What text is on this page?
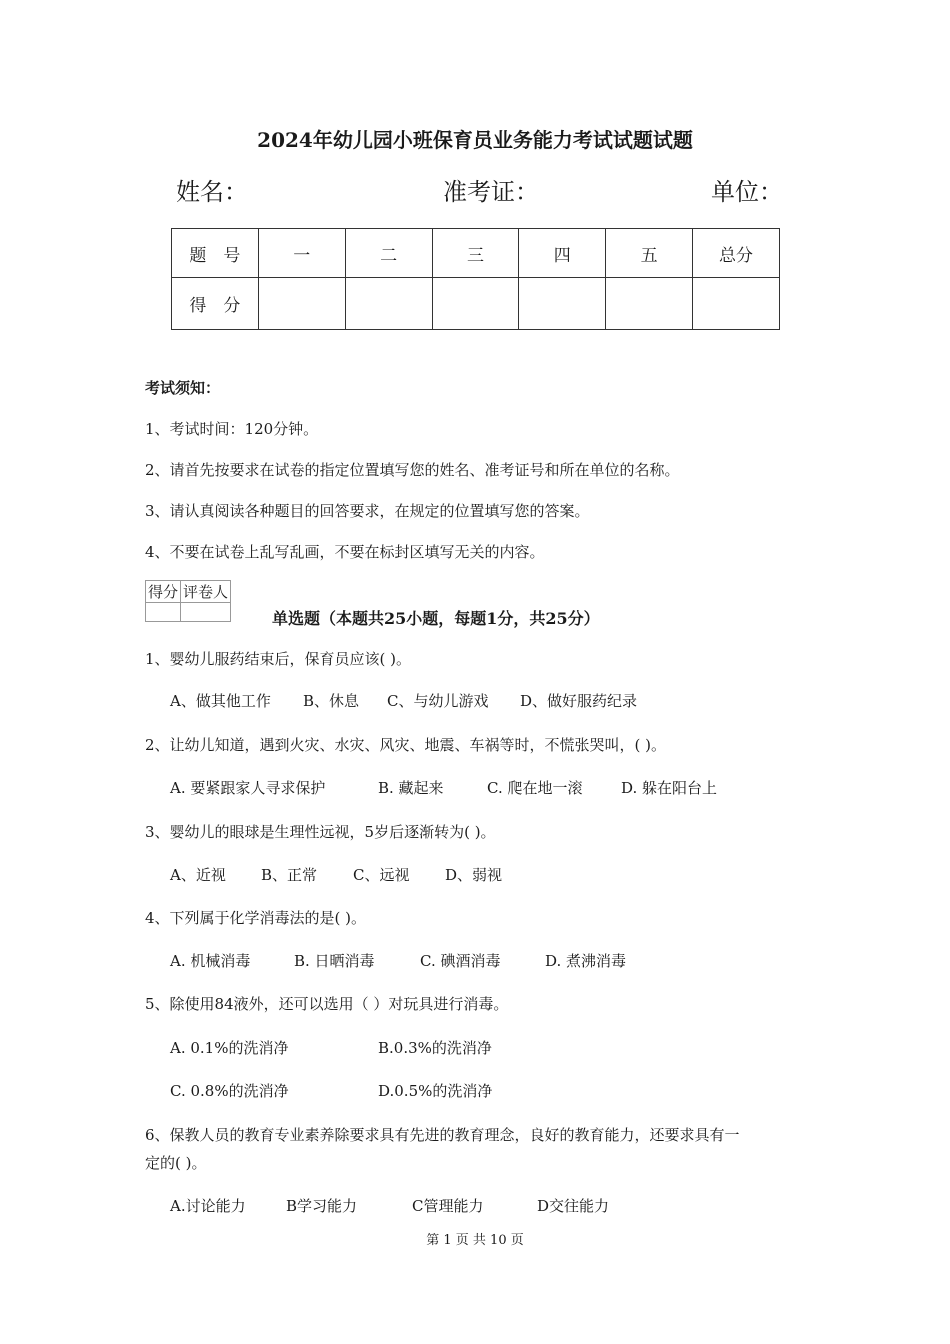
2024年幼儿园小班保育员业务能力考试试题试题
姓名：	准考证：	单位：
题　号	一	二	三	四	五	总分
得　分						
考试须知：
1、考试时间：120分钟。
2、请首先按要求在试卷的指定位置填写您的姓名、准考证号和所在单位的名称。
3、请认真阅读各种题目的回答要求，在规定的位置填写您的答案。
4、不要在试卷上乱写乱画，不要在标封区填写无关的内容。
得分	评卷人

单选题（本题共25小题，每题1分，共25分）
1、婴幼儿服药结束后，保育员应该( )。
A、做其他工作 B、休息 C、与幼儿游戏 D、做好服药纪录
2、让幼儿知道，遇到火灾、水灾、风灾、地震、车祸等时，不慌张哭叫，( )。
A. 要紧跟家人寻求保护	B. 藏起来	C. 爬在地一滚	D. 躲在阳台上
3、婴幼儿的眼球是生理性远视，5岁后逐渐转为( )。
A、近视 B、正常 C、远视 D、弱视
4、下列属于化学消毒法的是( )。
A. 机械消毒	B. 日晒消毒	C. 碘酒消毒	D. 煮沸消毒
5、除使用84液外，还可以选用（ ）对玩具进行消毒。
A. 0.1%的洗消净	B.0.3%的洗消净
C. 0.8%的洗消净	D.0.5%的洗消净
6、保教人员的教育专业素养除要求具有先进的教育理念，良好的教育能力，还要求具有一
定的( )。
A.讨论能力	B学习能力	C管理能力	D交往能力
第 1 页 共 10 页
